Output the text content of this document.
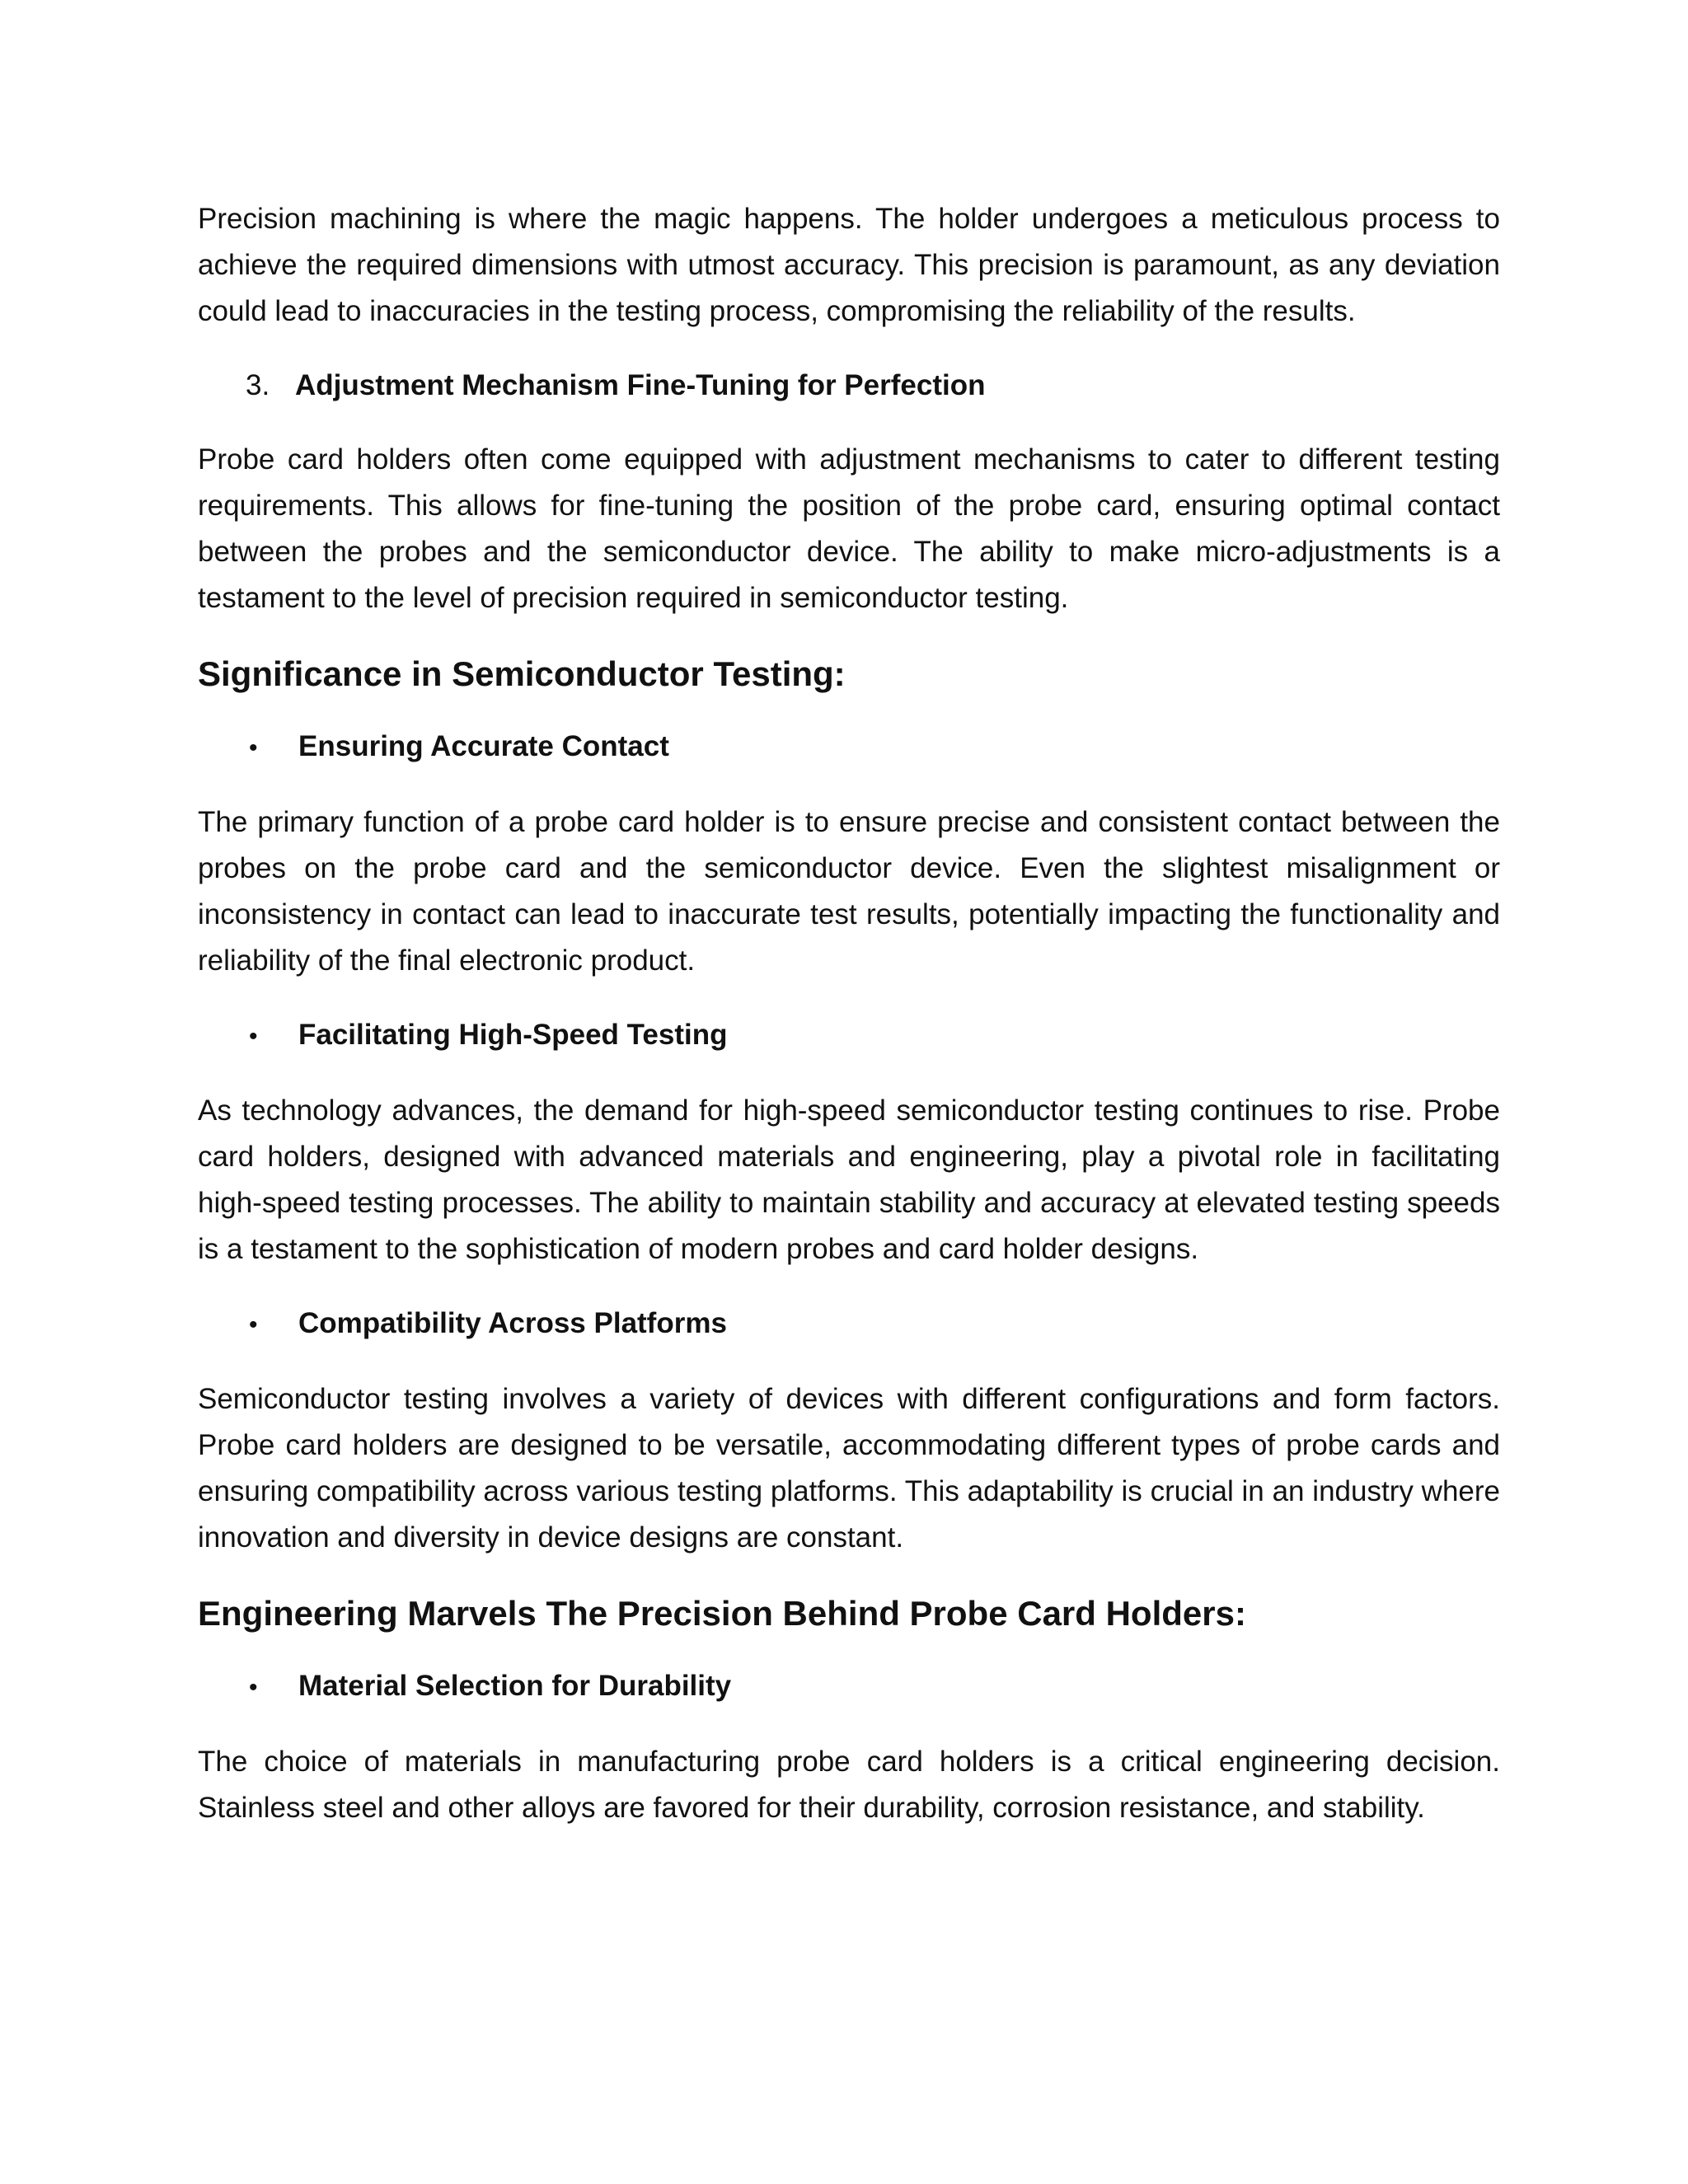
Precision machining is where the magic happens. The holder undergoes a meticulous process to achieve the required dimensions with utmost accuracy. This precision is paramount, as any deviation could lead to inaccuracies in the testing process, compromising the reliability of the results.

3. Adjustment Mechanism Fine-Tuning for Perfection

Probe card holders often come equipped with adjustment mechanisms to cater to different testing requirements. This allows for fine-tuning the position of the probe card, ensuring optimal contact between the probes and the semiconductor device. The ability to make micro-adjustments is a testament to the level of precision required in semiconductor testing.

Significance in Semiconductor Testing:
•	Ensuring Accurate Contact

The primary function of a probe card holder is to ensure precise and consistent contact between the probes on the probe card and the semiconductor device. Even the slightest misalignment or inconsistency in contact can lead to inaccurate test results, potentially impacting the functionality and reliability of the final electronic product.

•	Facilitating High-Speed Testing

As technology advances, the demand for high-speed semiconductor testing continues to rise. Probe card holders, designed with advanced materials and engineering, play a pivotal role in facilitating high-speed testing processes. The ability to maintain stability and accuracy at elevated testing speeds is a testament to the sophistication of modern probes and card holder designs.

•	Compatibility Across Platforms

Semiconductor testing involves a variety of devices with different configurations and form factors. Probe card holders are designed to be versatile, accommodating different types of probe cards and ensuring compatibility across various testing platforms. This adaptability is crucial in an industry where innovation and diversity in device designs are constant.

Engineering Marvels The Precision Behind Probe Card Holders:
•	Material Selection for Durability

The choice of materials in manufacturing probe card holders is a critical engineering decision. Stainless steel and other alloys are favored for their durability, corrosion resistance, and stability.
